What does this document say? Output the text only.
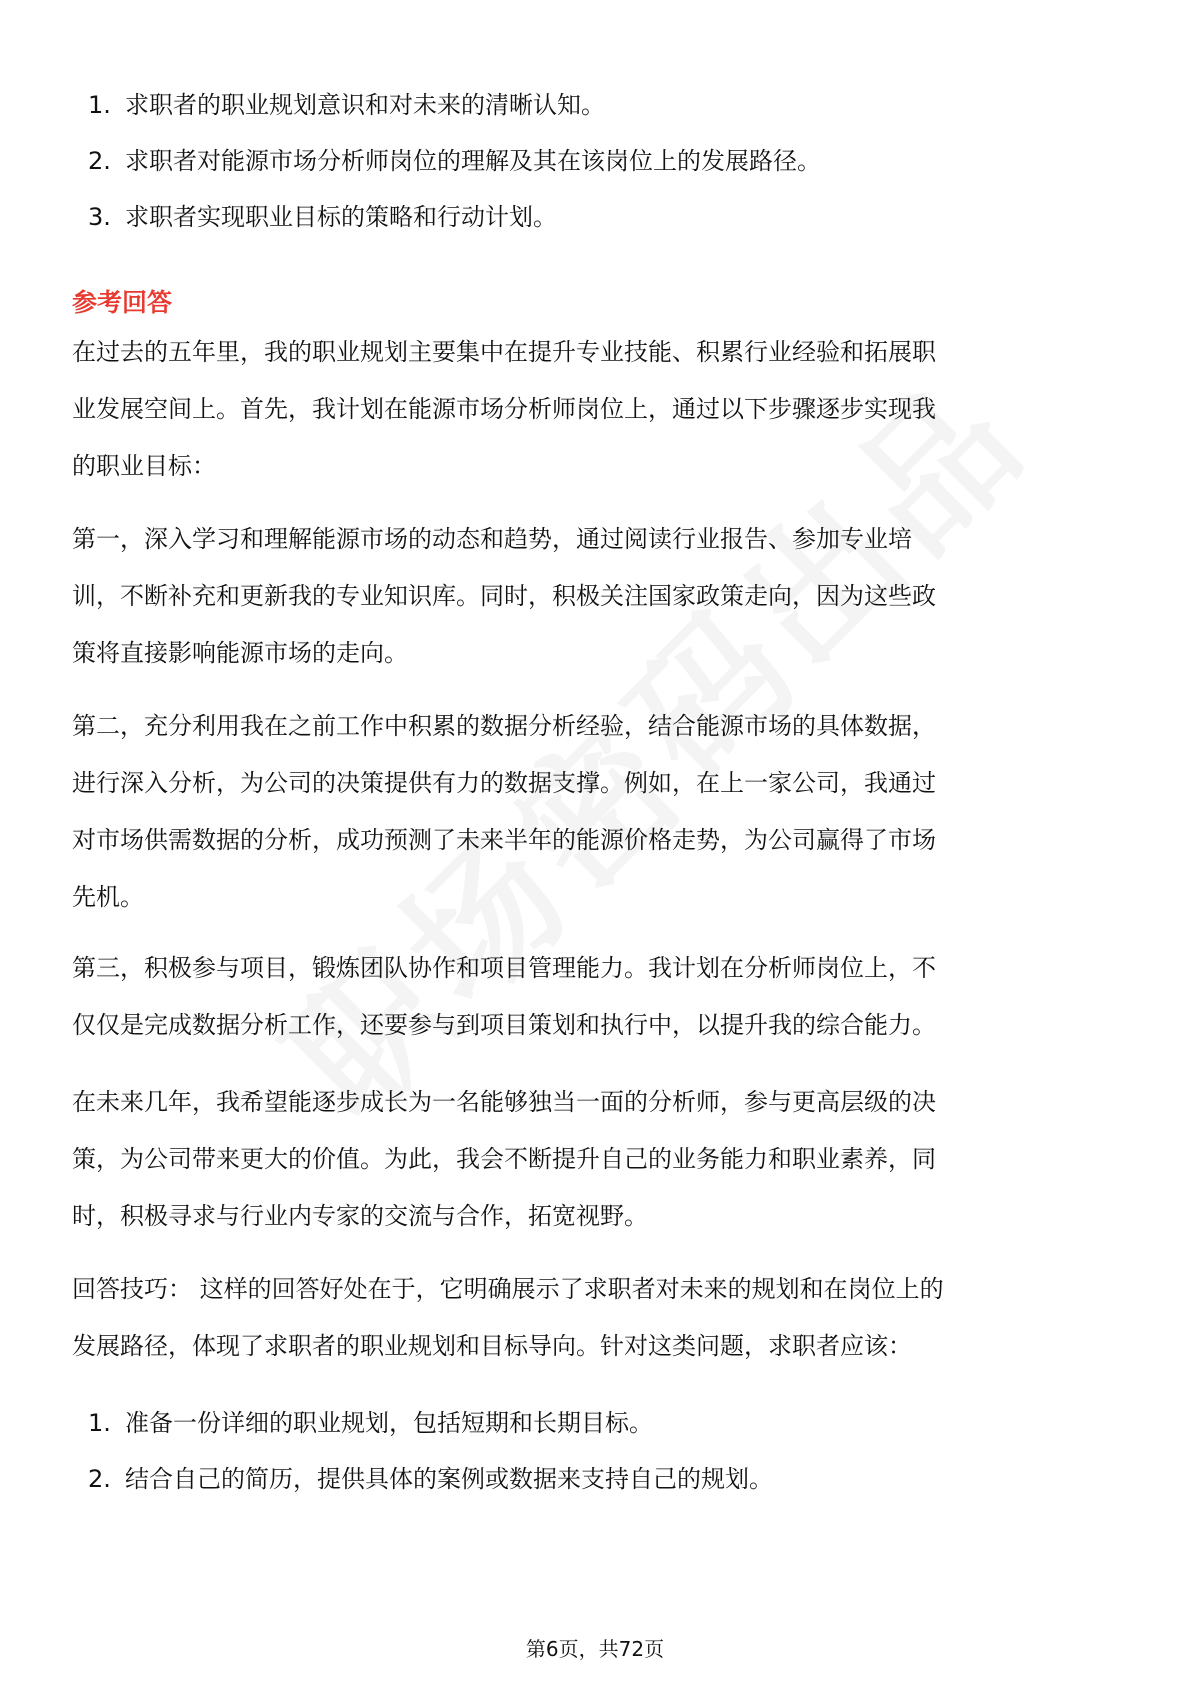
1. 求职者的职业规划意识和对未来的清晰认知。
2. 求职者对能源市场分析师岗位的理解及其在该岗位上的发展路径。
3. 求职者实现职业目标的策略和行动计划。
参考回答
在过去的五年里，我的职业规划主要集中在提升专业技能、积累行业经验和拓展职
业发展空间上。首先，我计划在能源市场分析师岗位上，通过以下步骤逐步实现我
的职业目标：
第一，深入学习和理解能源市场的动态和趋势，通过阅读行业报告、参加专业培
训，不断补充和更新我的专业知识库。同时，积极关注国家政策走向，因为这些政
策将直接影响能源市场的走向。
第二，充分利用我在之前工作中积累的数据分析经验，结合能源市场的具体数据，
进行深入分析，为公司的决策提供有力的数据支撑。例如，在上一家公司，我通过
对市场供需数据的分析，成功预测了未来半年的能源价格走势，为公司赢得了市场
先机。
第三，积极参与项目，锻炼团队协作和项目管理能力。我计划在分析师岗位上，不
仅仅是完成数据分析工作，还要参与到项目策划和执行中，以提升我的综合能力。
在未来几年，我希望能逐步成长为一名能够独当一面的分析师，参与更高层级的决
策，为公司带来更大的价值。为此，我会不断提升自己的业务能力和职业素养，同
时，积极寻求与行业内专家的交流与合作，拓宽视野。
回答技巧： 这样的回答好处在于，它明确展示了求职者对未来的规划和在岗位上的
发展路径，体现了求职者的职业规划和目标导向。针对这类问题，求职者应该：
1. 准备一份详细的职业规划，包括短期和长期目标。
2. 结合自己的简历，提供具体的案例或数据来支持自己的规划。
第6页，共72页
